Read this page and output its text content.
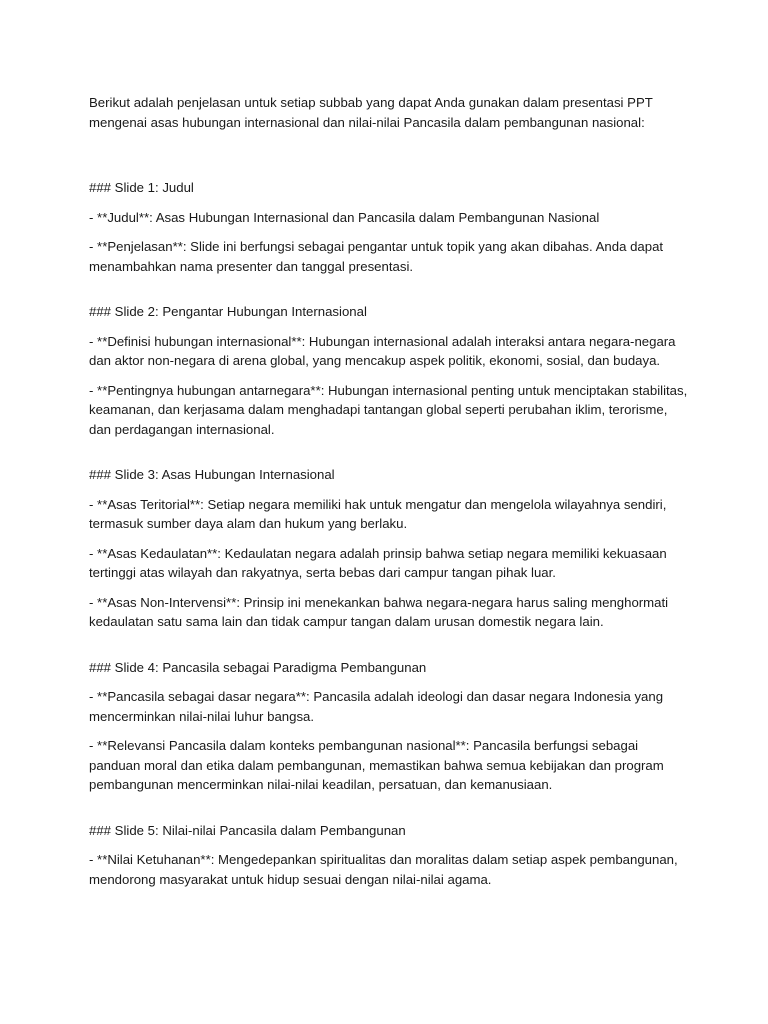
Berikut adalah penjelasan untuk setiap subbab yang dapat Anda gunakan dalam presentasi PPT mengenai asas hubungan internasional dan nilai-nilai Pancasila dalam pembangunan nasional:

### Slide 1: Judul

- **Judul**: Asas Hubungan Internasional dan Pancasila dalam Pembangunan Nasional

- **Penjelasan**: Slide ini berfungsi sebagai pengantar untuk topik yang akan dibahas. Anda dapat menambahkan nama presenter dan tanggal presentasi.

### Slide 2: Pengantar Hubungan Internasional

- **Definisi hubungan internasional**: Hubungan internasional adalah interaksi antara negara-negara dan aktor non-negara di arena global, yang mencakup aspek politik, ekonomi, sosial, dan budaya.

- **Pentingnya hubungan antarnegara**: Hubungan internasional penting untuk menciptakan stabilitas, keamanan, dan kerjasama dalam menghadapi tantangan global seperti perubahan iklim, terorisme, dan perdagangan internasional.

### Slide 3: Asas Hubungan Internasional

- **Asas Teritorial**: Setiap negara memiliki hak untuk mengatur dan mengelola wilayahnya sendiri, termasuk sumber daya alam dan hukum yang berlaku.

- **Asas Kedaulatan**: Kedaulatan negara adalah prinsip bahwa setiap negara memiliki kekuasaan tertinggi atas wilayah dan rakyatnya, serta bebas dari campur tangan pihak luar.

- **Asas Non-Intervensi**: Prinsip ini menekankan bahwa negara-negara harus saling menghormati kedaulatan satu sama lain dan tidak campur tangan dalam urusan domestik negara lain.

### Slide 4: Pancasila sebagai Paradigma Pembangunan

- **Pancasila sebagai dasar negara**: Pancasila adalah ideologi dan dasar negara Indonesia yang mencerminkan nilai-nilai luhur bangsa.

- **Relevansi Pancasila dalam konteks pembangunan nasional**: Pancasila berfungsi sebagai panduan moral dan etika dalam pembangunan, memastikan bahwa semua kebijakan dan program pembangunan mencerminkan nilai-nilai keadilan, persatuan, dan kemanusiaan.

### Slide 5: Nilai-nilai Pancasila dalam Pembangunan

- **Nilai Ketuhanan**: Mengedepankan spiritualitas dan moralitas dalam setiap aspek pembangunan, mendorong masyarakat untuk hidup sesuai dengan nilai-nilai agama.
